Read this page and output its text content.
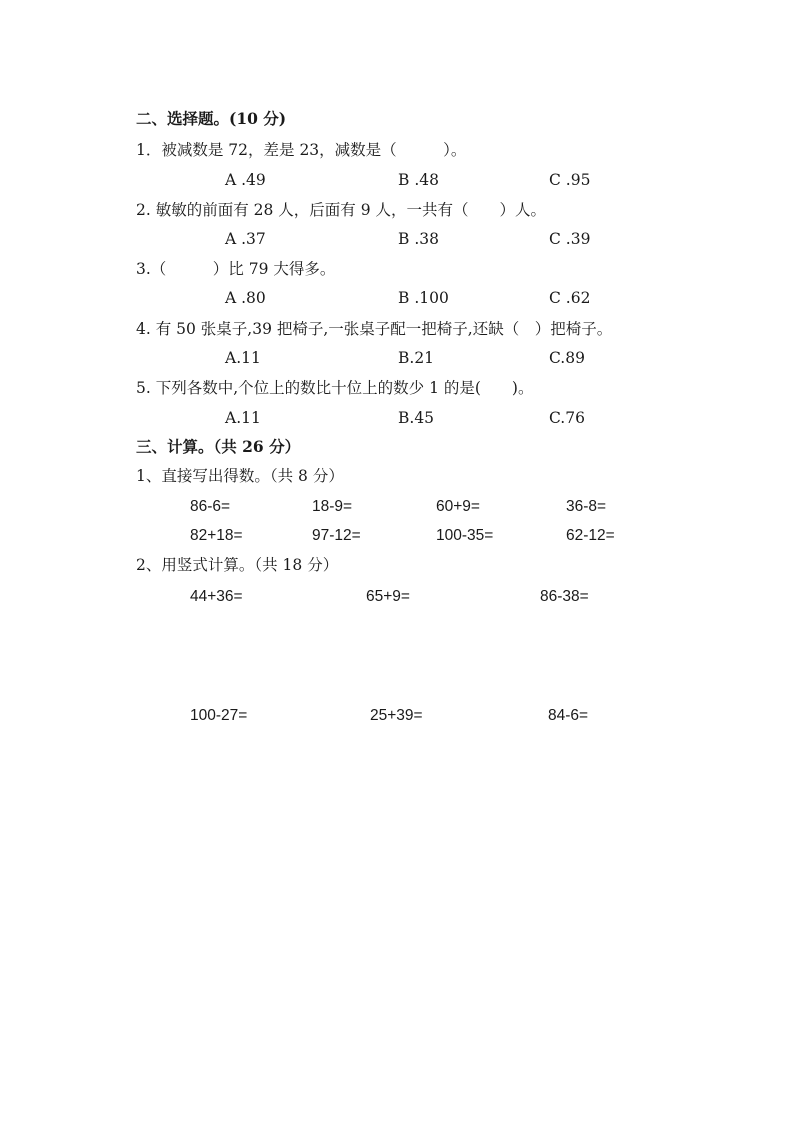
二、选择题。(10 分)
1．被减数是 72，差是 23，减数是（　　　）。
A .49	B .48	C .95
2. 敏敏的前面有 28 人，后面有 9 人，一共有（　　）人。
A .37	B .38	C .39
3.（　　　）比 79 大得多。
A .80	B .100	C .62
4. 有 50 张桌子,39 把椅子,一张桌子配一把椅子,还缺（　）把椅子。
A.11	B.21	C.89
5. 下列各数中,个位上的数比十位上的数少 1 的是(　　)。
A.11	B.45	C.76
三、计算。（共 26 分）
1、直接写出得数。（共 8 分）
86-6=	18-9=	60+9=	36-8=
82+18=	97-12=	100-35=	62-12=
2、用竖式计算。（共 18 分）
44+36=	65+9=	86-38=
100-27=	25+39=	84-6=
